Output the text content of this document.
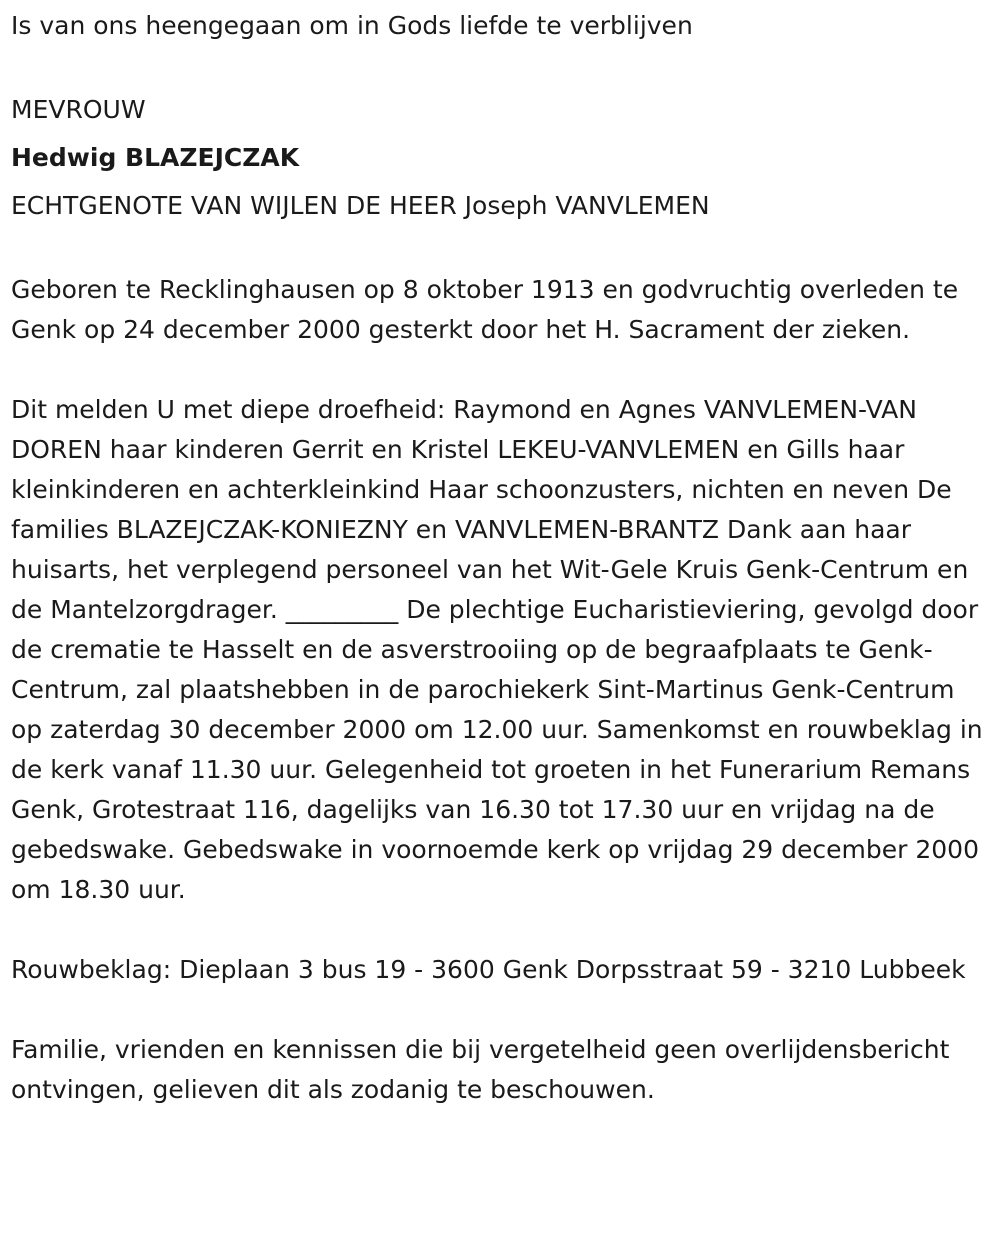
Is van ons heengegaan om in Gods liefde te verblijven

MEVROUW

Hedwig BLAZEJCZAK

ECHTGENOTE VAN WIJLEN DE HEER Joseph VANVLEMEN

Geboren te Recklinghausen op 8 oktober 1913 en godvruchtig overleden te Genk op 24 december 2000 gesterkt door het H. Sacrament der zieken.

Dit melden U met diepe droefheid: Raymond en Agnes VANVLEMEN-VAN DOREN haar kinderen Gerrit en Kristel LEKEU-VANVLEMEN en Gills haar kleinkinderen en achterkleinkind Haar schoonzusters, nichten en neven De families BLAZEJCZAK-KONIEZNY en VANVLEMEN-BRANTZ Dank aan haar huisarts, het verplegend personeel van het Wit-Gele Kruis Genk-Centrum en de Mantelzorgdrager. _________ De plechtige Eucharistieviering, gevolgd door de crematie te Hasselt en de asverstrooiing op de begraafplaats te Genk-Centrum, zal plaatshebben in de parochiekerk Sint-Martinus Genk-Centrum op zaterdag 30 december 2000 om 12.00 uur. Samenkomst en rouwbeklag in de kerk vanaf 11.30 uur. Gelegenheid tot groeten in het Funerarium Remans Genk, Grotestraat 116, dagelijks van 16.30 tot 17.30 uur en vrijdag na de gebedswake. Gebedswake in voornoemde kerk op vrijdag 29 december 2000 om 18.30 uur.

Rouwbeklag: Dieplaan 3 bus 19 - 3600 Genk Dorpsstraat 59 - 3210 Lubbeek

Familie, vrienden en kennissen die bij vergetelheid geen overlijdensbericht ontvingen, gelieven dit als zodanig te beschouwen.
